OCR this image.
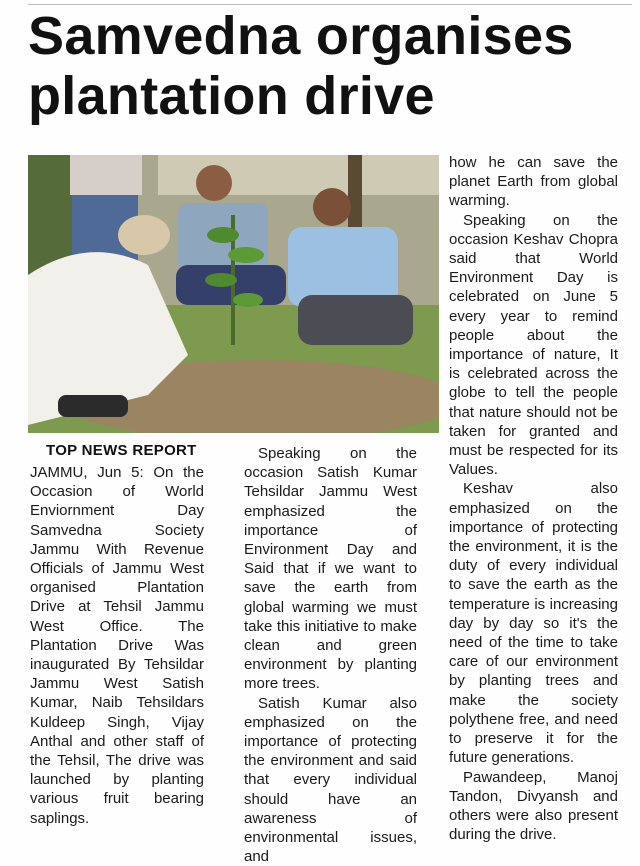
Samvedna organises plantation drive
TOP NEWS REPORT

JAMMU, Jun 5: On the Occasion of World Enviornment Day Samvedna Society Jammu With Revenue Officials of Jammu West organised Plantation Drive at Tehsil Jammu West Office. The Plantation Drive Was inaugurated By Tehsildar Jammu West Satish Kumar, Naib Tehsildars Kuldeep Singh, Vijay Anthal and other staff of the Tehsil, The drive was launched by planting various fruit bearing saplings.

Speaking on the occasion Satish Kumar Tehsildar Jammu West emphasized the importance of Environment Day and Said that if we want to save the earth from global warming we must take this initiative to make clean and green environment by planting more trees.

Satish Kumar also emphasized on the importance of protecting the environment and said that every individual should have an awareness of environmental issues, and

how he can save the planet Earth from global warming.

Speaking on the occasion Keshav Chopra said that World Environment Day is celebrated on June 5 every year to remind people about the importance of nature, It is celebrated across the globe to tell the people that nature should not be taken for granted and must be respected for its Values.

Keshav also emphasized on the importance of protecting the environment, it is the duty of every individual to save the earth as the temperature is increasing day by day so it's the need of the time to take care of our environment by planting trees and make the society polythene free, and need to preserve it for the future generations.

Pawandeep, Manoj Tandon, Divyansh and others were also present during the drive.
